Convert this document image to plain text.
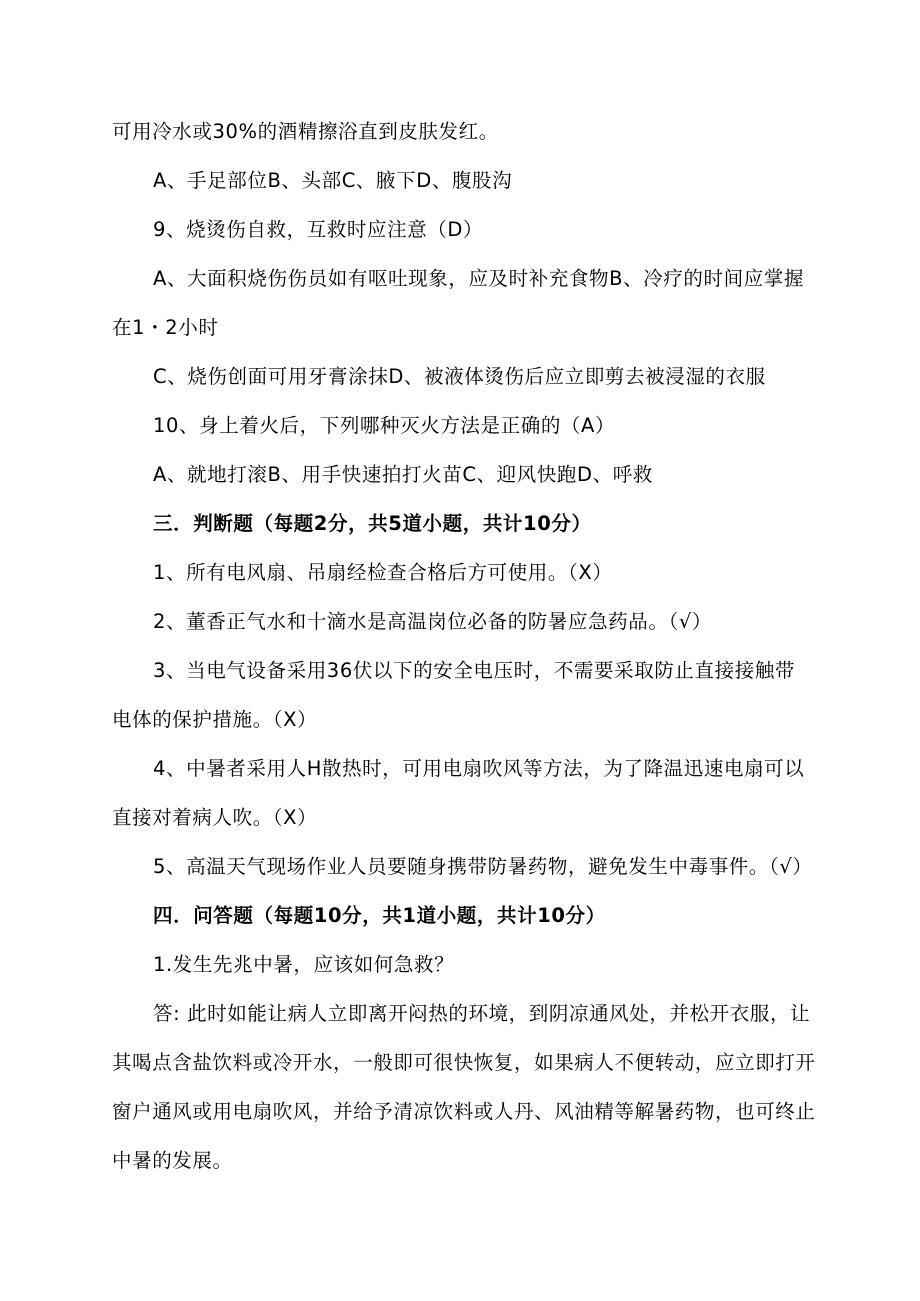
可用冷水或30%的酒精擦浴直到皮肤发红。
A、手足部位B、头部C、腋下D、腹股沟
9、烧烫伤自救，互救时应注意（D）
A、大面积烧伤伤员如有呕吐现象，应及时补充食物B、冷疗的时间应掌握
在1・2小时
C、烧伤创面可用牙膏涂抹D、被液体烫伤后应立即剪去被浸湿的衣服
10、身上着火后，下列哪种灭火方法是正确的（A）
A、就地打滚B、用手快速拍打火苗C、迎风快跑D、呼救
三．判断题（每题2分，共5道小题，共计10分）
1、所有电风扇、吊扇经检查合格后方可使用。（X）
2、董香正气水和十滴水是高温岗位必备的防暑应急药品。（√）
3、当电气设备采用36伏以下的安全电压时，不需要采取防止直接接触带
电体的保护措施。（X）
4、中暑者采用人H散热时，可用电扇吹风等方法，为了降温迅速电扇可以
直接对着病人吹。（X）
5、高温天气现场作业人员要随身携带防暑药物，避免发生中毒事件。（√）
四．问答题（每题10分，共1道小题，共计10分）
1.发生先兆中暑，应该如何急救？
答: 此时如能让病人立即离开闷热的环境，到阴凉通风处，并松开衣服，让
其喝点含盐饮料或冷开水，一般即可很快恢复，如果病人不便转动，应立即打开
窗户通风或用电扇吹风，并给予清凉饮料或人丹、风油精等解暑药物，也可终止
中暑的发展。
